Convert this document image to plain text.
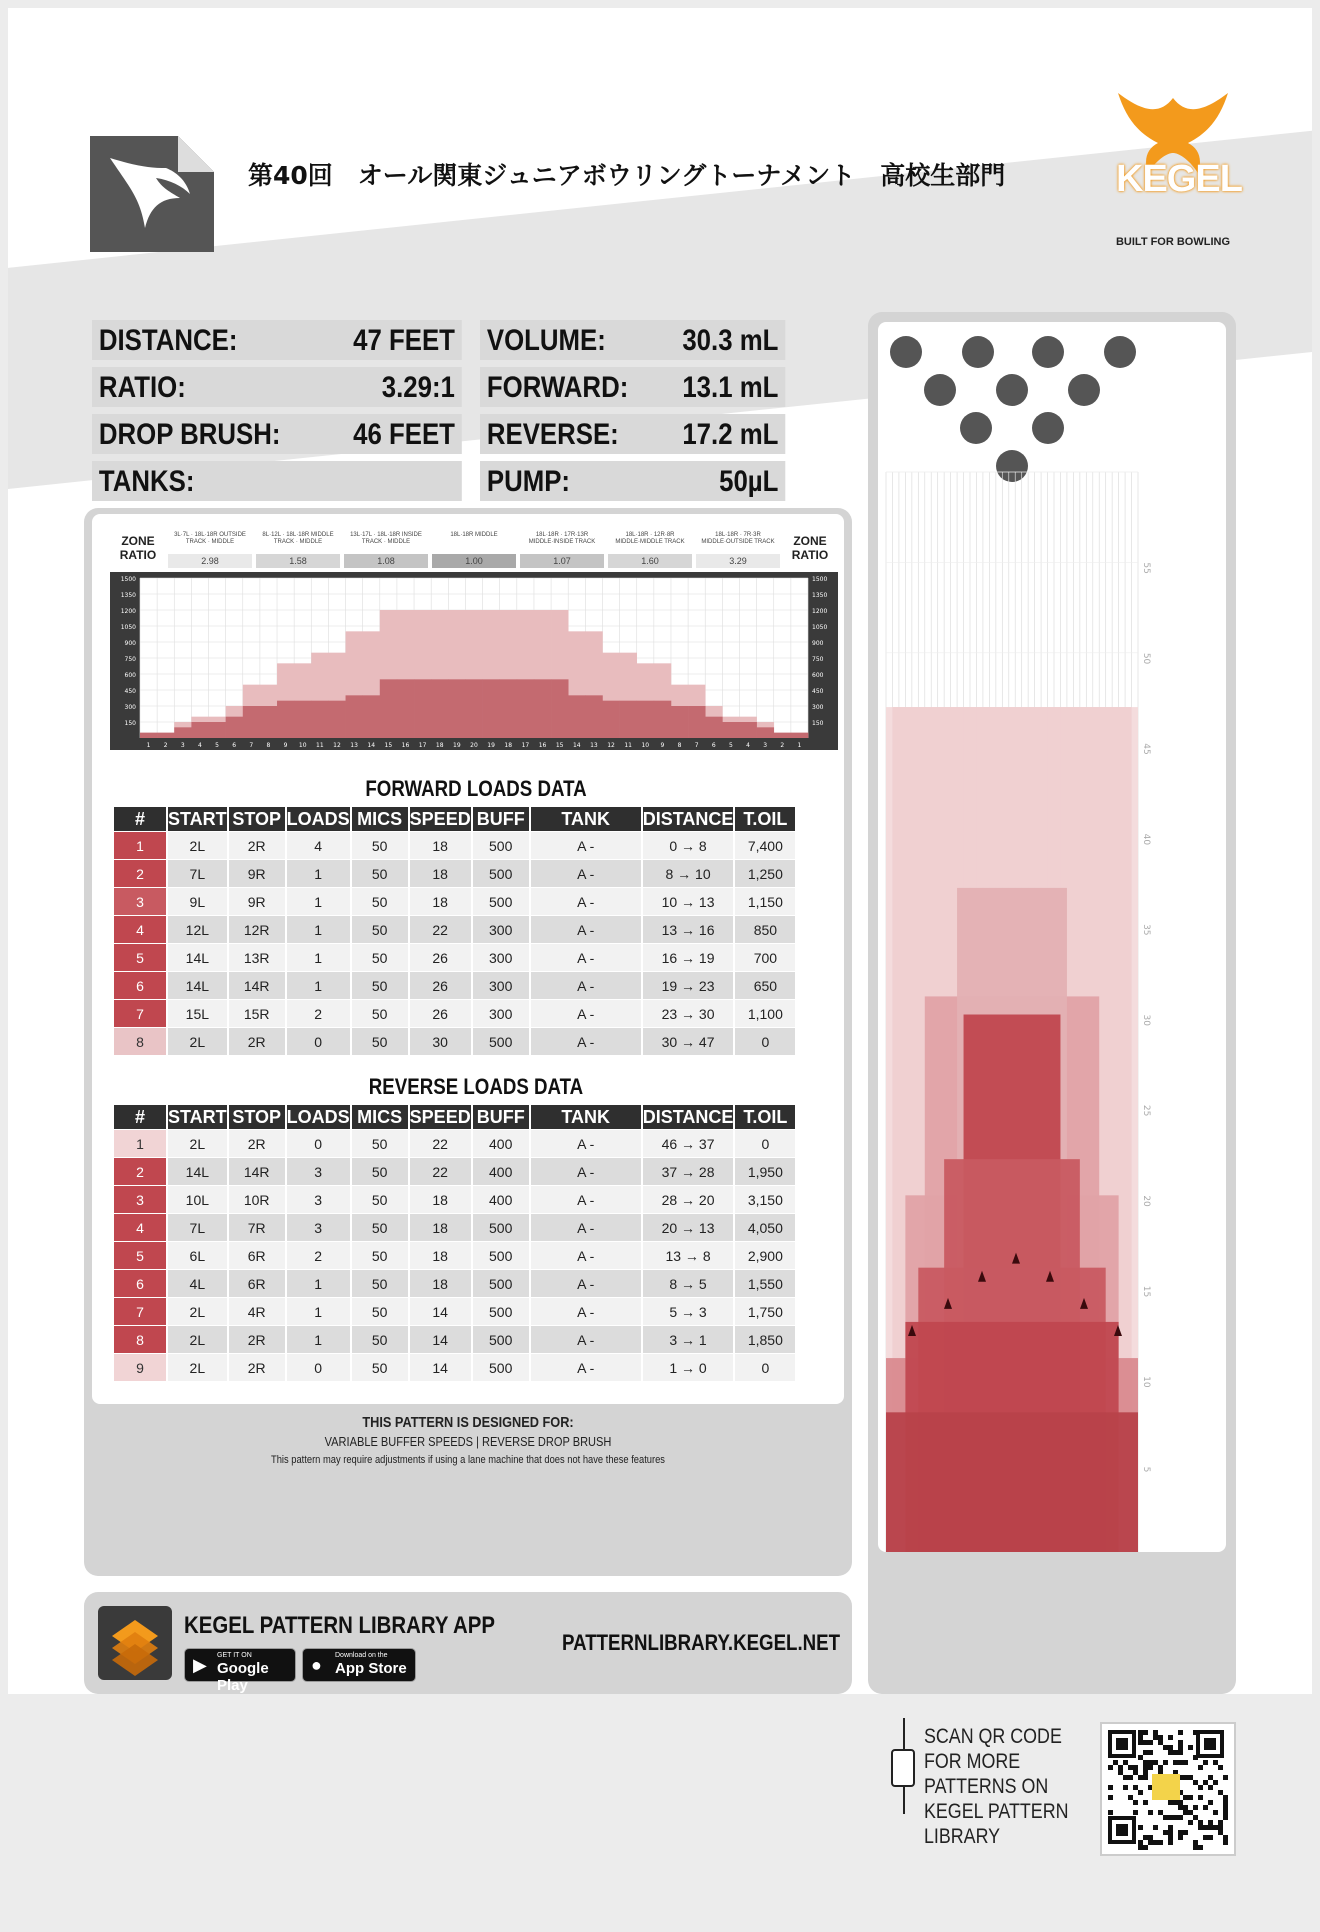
第40回　オール関東ジュニアボウリングトーナメント　高校生部門	KEGEL
BUILT FOR BOWLING
DISTANCE:	47 FEET
RATIO:	3.29:1
DROP BRUSH: 46 FEET
TANKS:
VOLUME:	30.3 mL
FORWARD: 13.1 mL
REVERSE: 17.2 mL
PUMP:	50µL
ZONE
RATIO
3L·7L · 18L·18R OUTSIDE TRACK · MIDDLE
2.98
8L·12L · 18L·18R MIDDLE TRACK · MIDDLE
1.58
13L·17L · 18L·18R INSIDE TRACK · MIDDLE
1.08
18L·18R MIDDLE
1.00
18L·18R · 17R·13R MIDDLE·INSIDE TRACK
1.07
18L·18R · 12R·8R MIDDLE·MIDDLE TRACK
1.60
18L·18R · 7R·3R MIDDLE·OUTSIDE TRACK
3.29
ZONE
RATIO
1500	1500
1350	1350
1200	1200
1050	1050
900	900
750	750
600	600
450	450
300	300
150	150
1 2 3 4 5 6 7 8 9 10 11 12 13 14 15 16 17 18 19 20 19 18 17 16 15 14 13 12 11 10 9 8 7 6 5 4 3 2 1
FORWARD LOADS DATA
#	START	STOP	LOADS	MICS	SPEED	BUFF	TANK	DISTANCE	T.OIL
1	2L	2R	4	50	18	500	A -	0 → 8	7,400
2	7L	9R	1	50	18	500	A -	8 → 10	1,250
3	9L	9R	1	50	18	500	A -	10 → 13	1,150
4	12L	12R	1	50	22	300	A -	13 → 16	850
5	14L	13R	1	50	26	300	A -	16 → 19	700
6	14L	14R	1	50	26	300	A -	19 → 23	650
7	15L	15R	2	50	26	300	A -	23 → 30	1,100
8	2L	2R	0	50	30	500	A -	30 → 47	0
REVERSE LOADS DATA
#	START	STOP	LOADS	MICS	SPEED	BUFF	TANK	DISTANCE	T.OIL
1	2L	2R	0	50	22	400	A -	46 → 37	0
2	14L	14R	3	50	22	400	A -	37 → 28	1,950
3	10L	10R	3	50	18	400	A -	28 → 20	3,150
4	7L	7R	3	50	18	500	A -	20 → 13	4,050
5	6L	6R	2	50	18	500	A -	13 → 8	2,900
6	4L	6R	1	50	18	500	A -	8 → 5	1,550
7	2L	4R	1	50	14	500	A -	5 → 3	1,750
8	2L	2R	1	50	14	500	A -	3 → 1	1,850
9	2L	2R	0	50	14	500	A -	1 → 0	0
THIS PATTERN IS DESIGNED FOR:
VARIABLE BUFFER SPEEDS | REVERSE DROP BRUSH
This pattern may require adjustments if using a lane machine that does not have these features
KEGEL PATTERN LIBRARY APP
▶ GET IT ON
Google Play
● Download on the
App Store
PATTERNLIBRARY.KEGEL.NET
55
50
45
40
35
30
25
20
15
10
5
SCAN QR CODE FOR MORE PATTERNS ON KEGEL PATTERN LIBRARY
